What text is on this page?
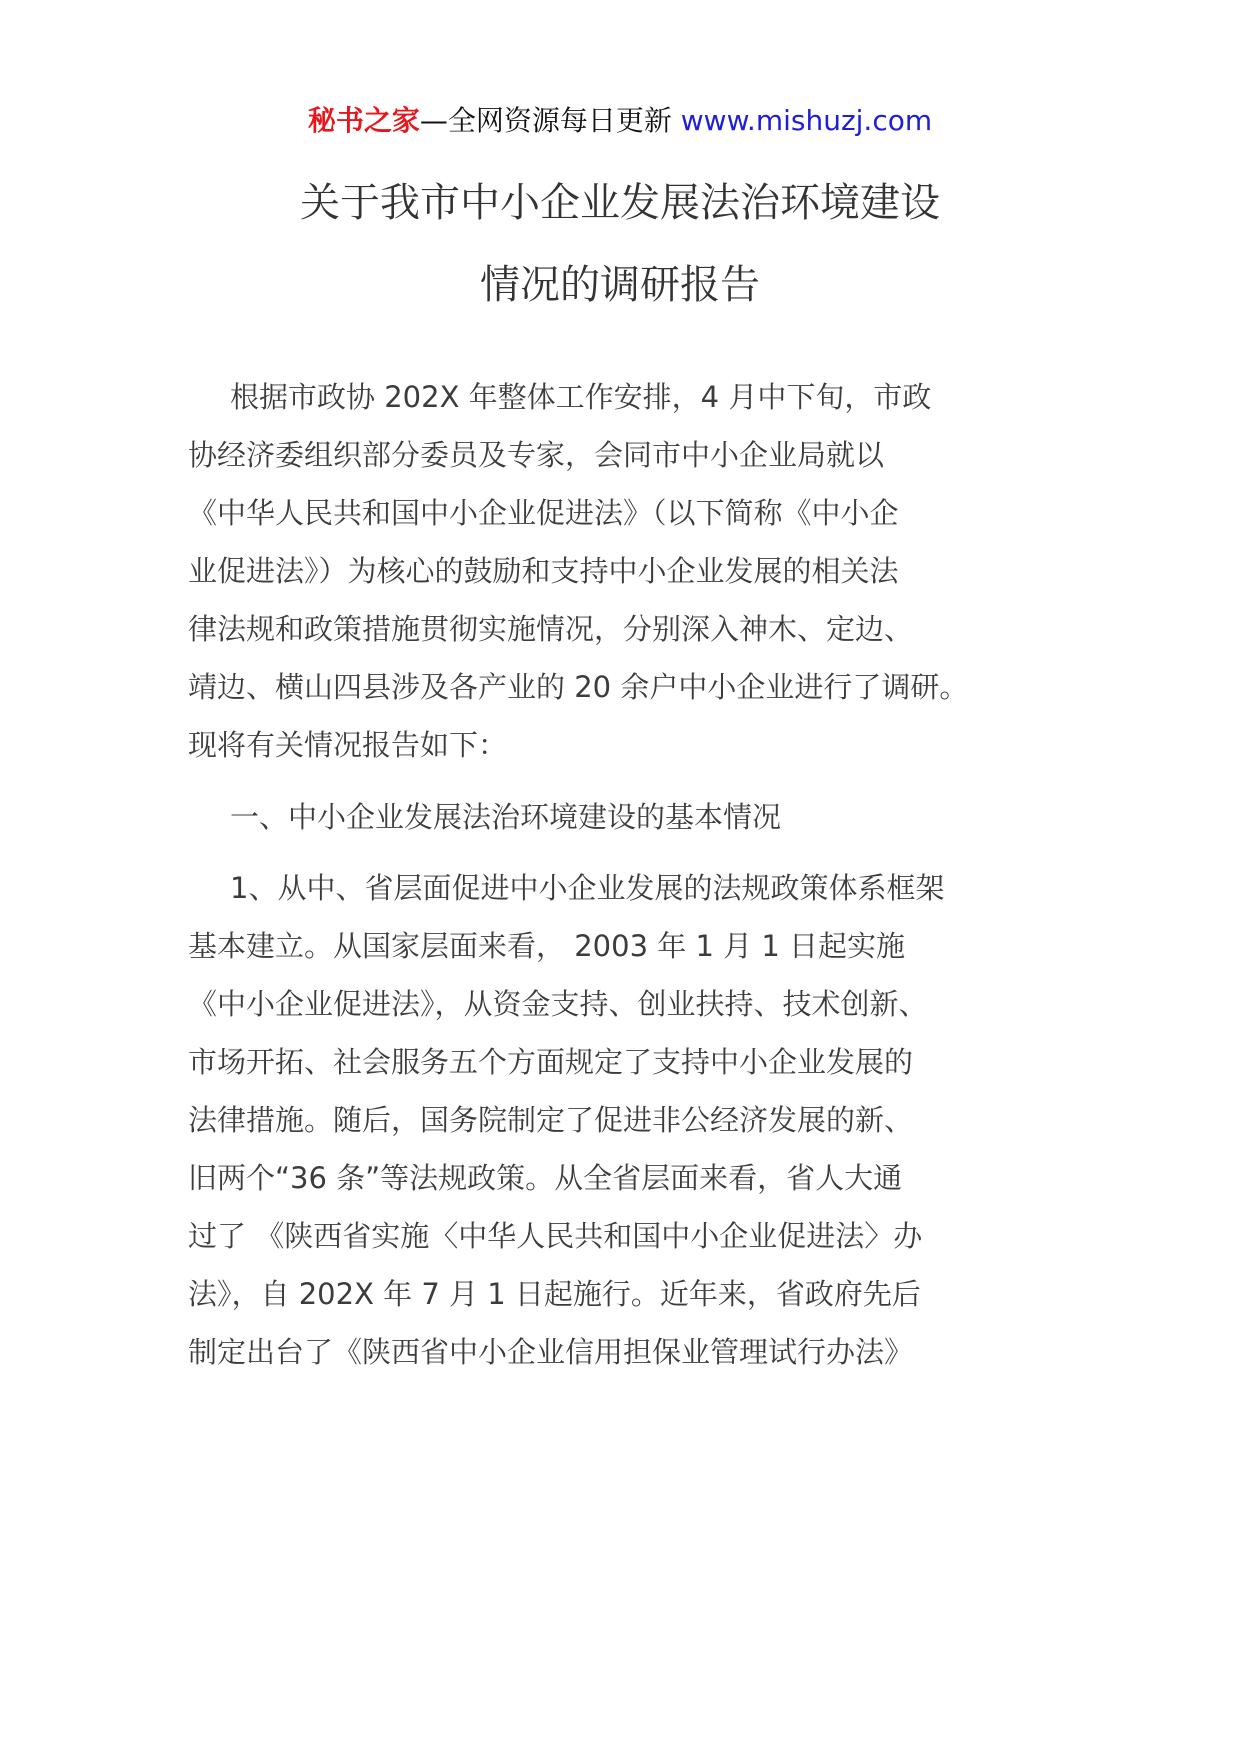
秘书之家—全网资源每日更新 www.mishuzj.com
关于我市中小企业发展法治环境建设
情况的调研报告
根据市政协 202X 年整体工作安排，4 月中下旬，市政
协经济委组织部分委员及专家，会同市中小企业局就以
《中华人民共和国中小企业促进法》（以下简称《中小企
业促进法》）为核心的鼓励和支持中小企业发展的相关法
律法规和政策措施贯彻实施情况，分别深入神木、定边、
靖边、横山四县涉及各产业的 20 余户中小企业进行了调研。
现将有关情况报告如下：
一、中小企业发展法治环境建设的基本情况
1、从中、省层面促进中小企业发展的法规政策体系框架
基本建立。从国家层面来看， 2003 年 1 月 1 日起实施
《中小企业促进法》，从资金支持、创业扶持、技术创新、
市场开拓、社会服务五个方面规定了支持中小企业发展的
法律措施。随后，国务院制定了促进非公经济发展的新、
旧两个“36 条”等法规政策。从全省层面来看，省人大通
过了 《陕西省实施〈中华人民共和国中小企业促进法〉办
法》，自 202X 年 7 月 1 日起施行。近年来，省政府先后
制定出台了《陕西省中小企业信用担保业管理试行办法》
